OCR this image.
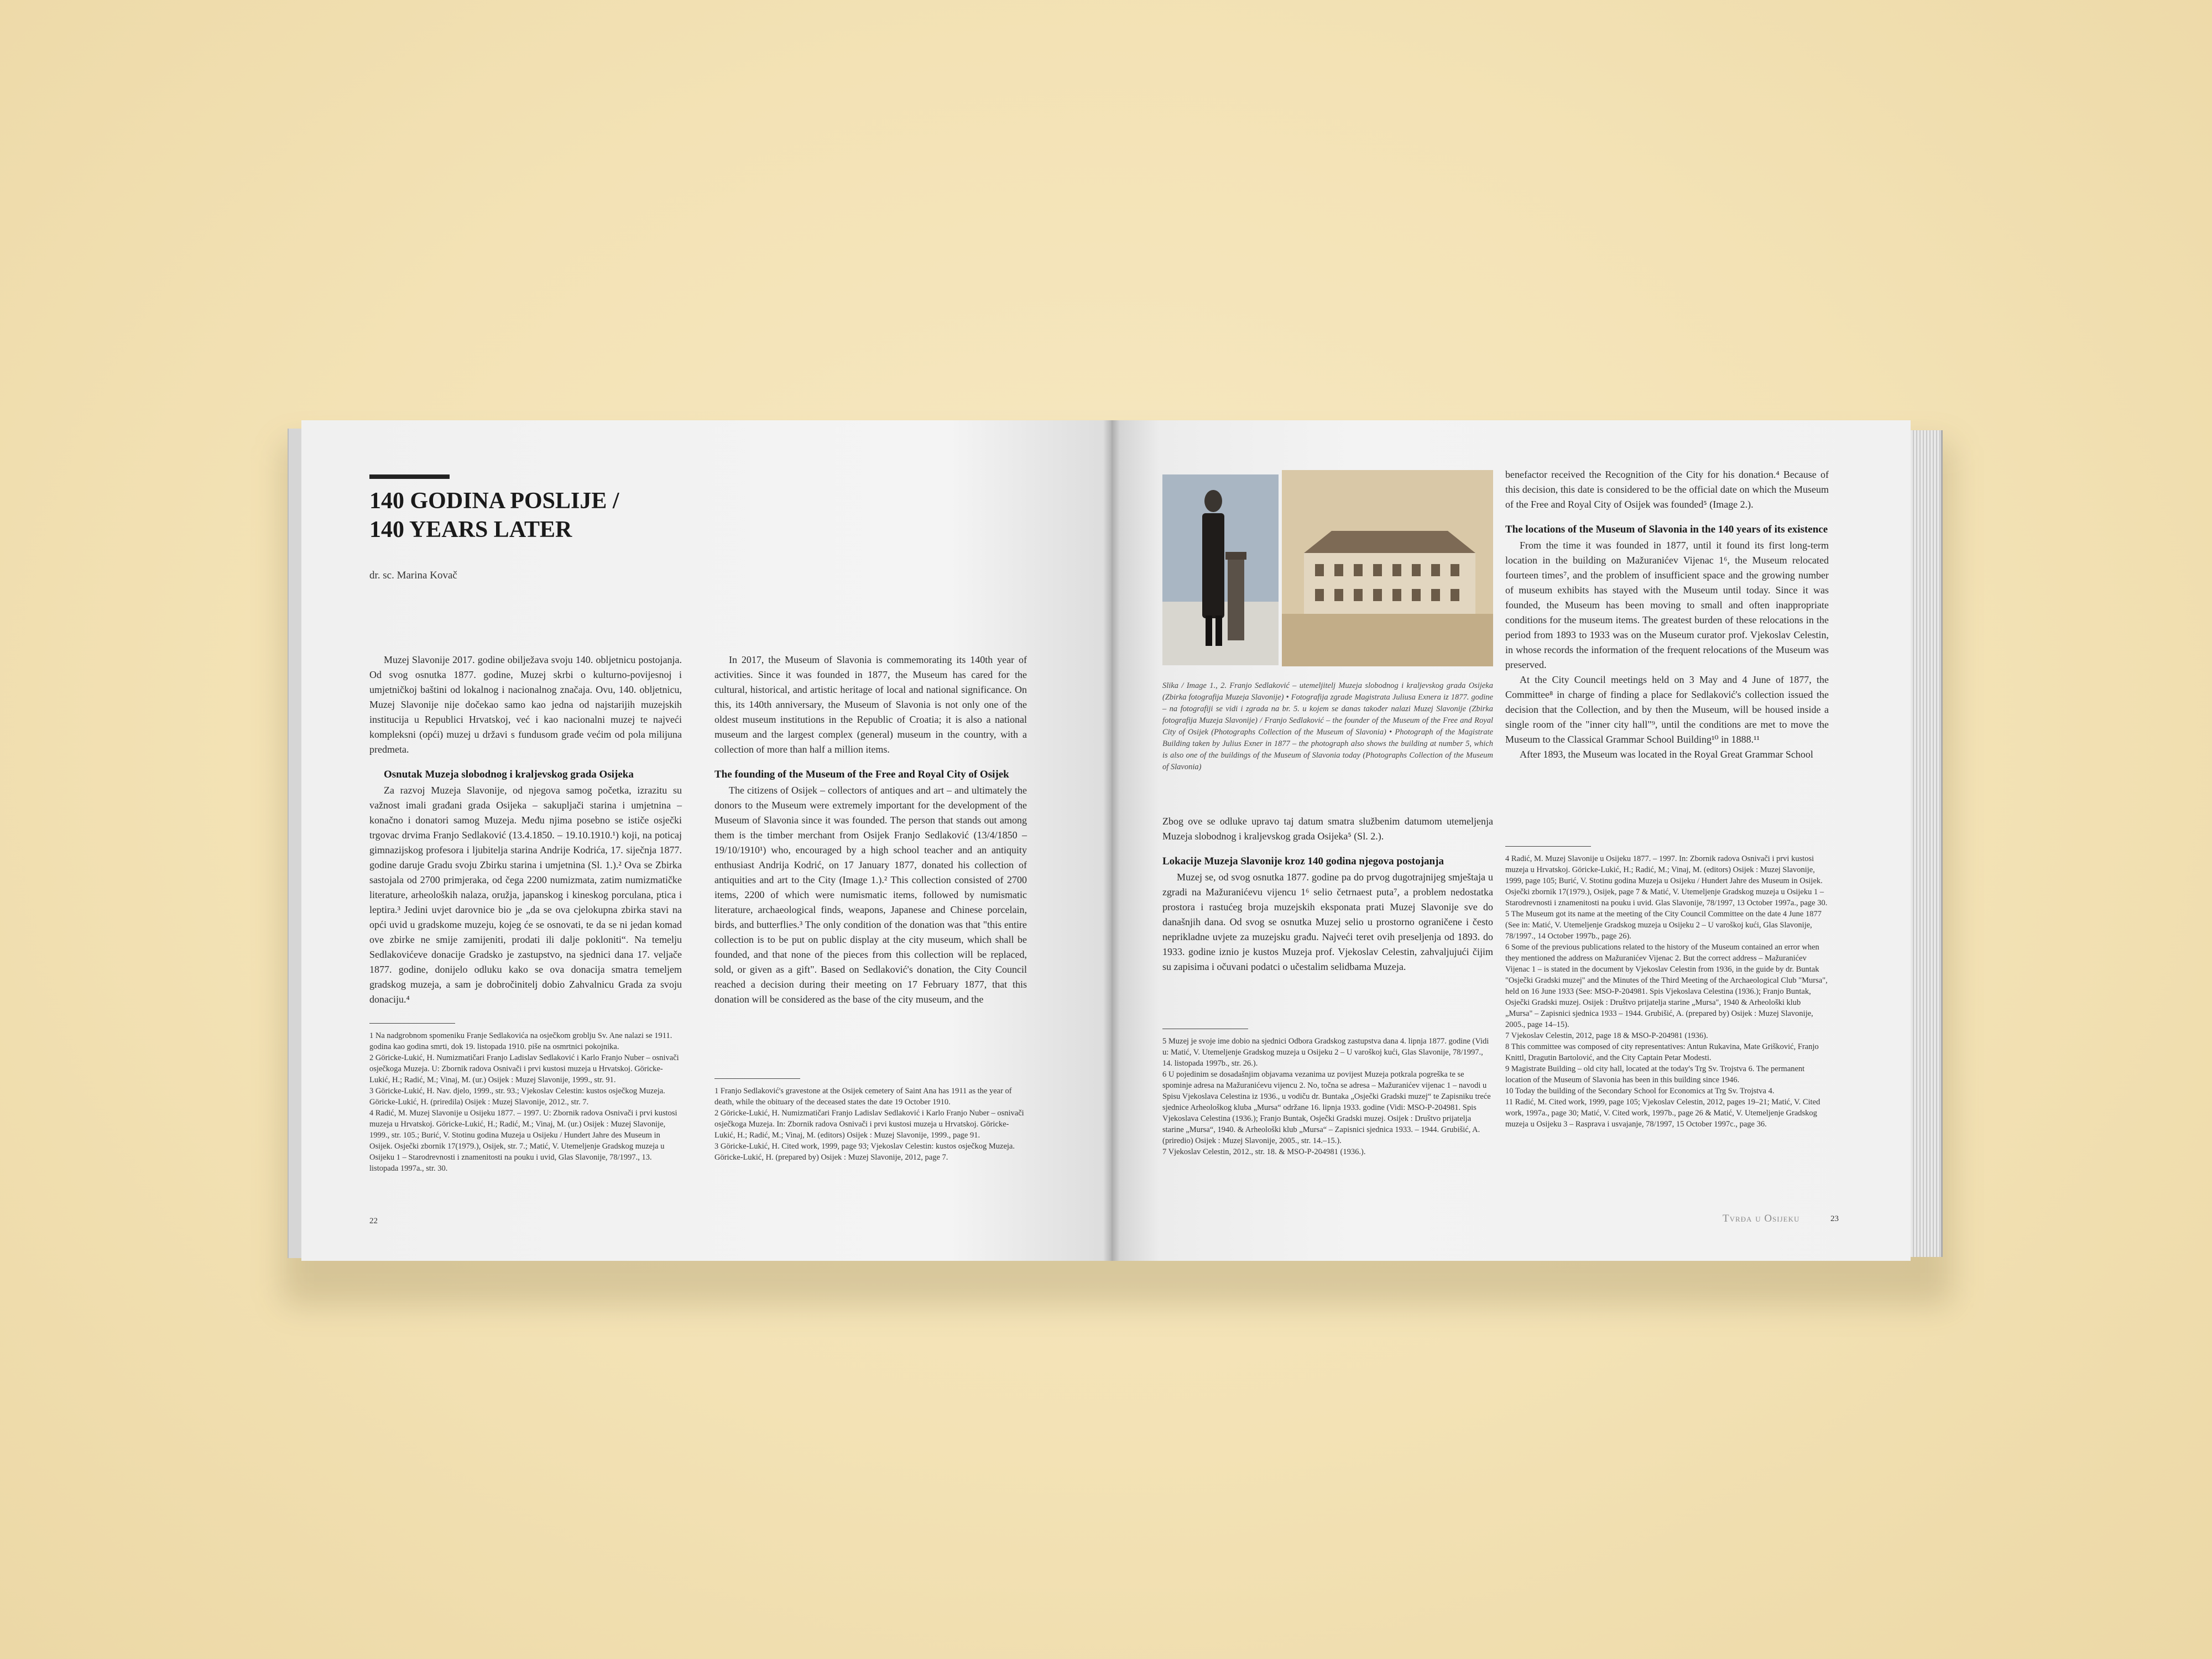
140 GODINA POSLIJE /
140 YEARS LATER
dr. sc. Marina Kovač

Muzej Slavonije 2017. godine obilježava svoju 140. obljetnicu postojanja. Od svog osnutka 1877. godine, Muzej skrbi o kulturno-povijesnoj i umjetničkoj baštini od lokalnog i nacionalnog značaja. Ovu, 140. obljetnicu, Muzej Slavonije nije dočekao samo kao jedna od najstarijih muzejskih institucija u Republici Hrvatskoj, već i kao nacionalni muzej te najveći kompleksni (opći) muzej u državi s fundusom građe većim od pola milijuna predmeta.

Osnutak Muzeja slobodnog i kraljevskog grada Osijeka

Za razvoj Muzeja Slavonije, od njegova samog početka, izrazitu su važnost imali građani grada Osijeka – sakupljači starina i umjetnina – konačno i donatori samog Muzeja. Među njima posebno se ističe osječki trgovac drvima Franjo Sedlaković (13.4.1850. – 19.10.1910.¹) koji, na poticaj gimnazijskog profesora i ljubitelja starina Andrije Kodrića, 17. siječnja 1877. godine daruje Gradu svoju Zbirku starina i umjetnina (Sl. 1.).² Ova se Zbirka sastojala od 2700 primjeraka, od čega 2200 numizmata, zatim numizmatičke literature, arheoloških nalaza, oružja, japanskog i kineskog porculana, ptica i leptira.³ Jedini uvjet darovnice bio je „da se ova cjelokupna zbirka stavi na opći uvid u gradskome muzeju, kojeg će se osnovati, te da se ni jedan komad ove zbirke ne smije zamijeniti, prodati ili dalje pokloniti“. Na temelju Sedlakovićeve donacije Gradsko je zastupstvo, na sjednici dana 17. veljače 1877. godine, donijelo odluku kako se ova donacija smatra temeljem gradskog muzeja, a sam je dobročinitelj dobio Zahvalnicu Grada za svoju donaciju.⁴

1 Na nadgrobnom spomeniku Franje Sedlakovića na osječkom groblju Sv. Ane nalazi se 1911. godina kao godina smrti, dok 19. listopada 1910. piše na osmrtnici pokojnika.
2 Göricke-Lukić, H. Numizmatičari Franjo Ladislav Sedlaković i Karlo Franjo Nuber – osnivači osječkoga Muzeja. U: Zbornik radova Osnivači i prvi kustosi muzeja u Hrvatskoj. Göricke-Lukić, H.; Radić, M.; Vinaj, M. (ur.) Osijek : Muzej Slavonije, 1999., str. 91.
3 Göricke-Lukić, H. Nav. djelo, 1999., str. 93.; Vjekoslav Celestin: kustos osječkog Muzeja. Göricke-Lukić, H. (priredila) Osijek : Muzej Slavonije, 2012., str. 7.
4 Radić, M. Muzej Slavonije u Osijeku 1877. – 1997. U: Zbornik radova Osnivači i prvi kustosi muzeja u Hrvatskoj. Göricke-Lukić, H.; Radić, M.; Vinaj, M. (ur.) Osijek : Muzej Slavonije, 1999., str. 105.; Burić, V. Stotinu godina Muzeja u Osijeku / Hundert Jahre des Museum in Osijek. Osječki zbornik 17(1979.), Osijek, str. 7.; Matić, V. Utemeljenje Gradskog muzeja u Osijeku 1 – Starodrevnosti i znamenitosti na pouku i uvid, Glas Slavonije, 78/1997., 13. listopada 1997a., str. 30.

In 2017, the Museum of Slavonia is commemorating its 140th year of activities. Since it was founded in 1877, the Museum has cared for the cultural, historical, and artistic heritage of local and national significance. On this, its 140th anniversary, the Museum of Slavonia is not only one of the oldest museum institutions in the Republic of Croatia; it is also a national museum and the largest complex (general) museum in the country, with a collection of more than half a million items.

The founding of the Museum of the Free and Royal City of Osijek

The citizens of Osijek – collectors of antiques and art – and ultimately the donors to the Museum were extremely important for the development of the Museum of Slavonia since it was founded. The person that stands out among them is the timber merchant from Osijek Franjo Sedlaković (13/4/1850 – 19/10/1910¹) who, encouraged by a high school teacher and an antiquity enthusiast Andrija Kodrić, on 17 January 1877, donated his collection of antiquities and art to the City (Image 1.).² This collection consisted of 2700 items, 2200 of which were numismatic items, followed by numismatic literature, archaeological finds, weapons, Japanese and Chinese porcelain, birds, and butterflies.³ The only condition of the donation was that "this entire collection is to be put on public display at the city museum, which shall be founded, and that none of the pieces from this collection will be replaced, sold, or given as a gift". Based on Sedlaković's donation, the City Council reached a decision during their meeting on 17 February 1877, that this donation will be considered as the base of the city museum, and the

1 Franjo Sedlaković's gravestone at the Osijek cemetery of Saint Ana has 1911 as the year of death, while the obituary of the deceased states the date 19 October 1910.
2 Göricke-Lukić, H. Numizmatičari Franjo Ladislav Sedlaković i Karlo Franjo Nuber – osnivači osječkoga Muzeja. In: Zbornik radova Osnivači i prvi kustosi muzeja u Hrvatskoj. Göricke-Lukić, H.; Radić, M.; Vinaj, M. (editors) Osijek : Muzej Slavonije, 1999., page 91.
3 Göricke-Lukić, H. Cited work, 1999, page 93; Vjekoslav Celestin: kustos osječkog Muzeja. Göricke-Lukić, H. (prepared by) Osijek : Muzej Slavonije, 2012, page 7.
22
Slika / Image 1., 2. Franjo Sedlaković – utemeljitelj Muzeja slobodnog i kraljevskog grada Osijeka (Zbirka fotografija Muzeja Slavonije) • Fotografija zgrade Magistrata Juliusa Exnera iz 1877. godine – na fotografiji se vidi i zgrada na br. 5. u kojem se danas također nalazi Muzej Slavonije (Zbirka fotografija Muzeja Slavonije) / Franjo Sedlaković – the founder of the Museum of the Free and Royal City of Osijek (Photographs Collection of the Museum of Slavonia) • Photograph of the Magistrate Building taken by Julius Exner in 1877 – the photograph also shows the building at number 5, which is also one of the buildings of the Museum of Slavonia today (Photographs Collection of the Museum of Slavonia)

Zbog ove se odluke upravo taj datum smatra službenim datumom utemeljenja Muzeja slobodnog i kraljevskog grada Osijeka⁵ (Sl. 2.).

Lokacije Muzeja Slavonije kroz 140 godina njegova postojanja

Muzej se, od svog osnutka 1877. godine pa do prvog dugotrajnijeg smještaja u zgradi na Mažuranićevu vijencu 1⁶ selio četrnaest puta⁷, a problem nedostatka prostora i rastućeg broja muzejskih eksponata prati Muzej Slavonije sve do današnjih dana. Od svog se osnutka Muzej selio u prostorno ograničene i često neprikladne uvjete za muzejsku građu. Najveći teret ovih preseljenja od 1893. do 1933. godine iznio je kustos Muzeja prof. Vjekoslav Celestin, zahvaljujući čijim su zapisima i očuvani podatci o učestalim selidbama Muzeja.

5 Muzej je svoje ime dobio na sjednici Odbora Gradskog zastupstva dana 4. lipnja 1877. godine (Vidi u: Matić, V. Utemeljenje Gradskog muzeja u Osijeku 2 – U varoškoj kući, Glas Slavonije, 78/1997., 14. listopada 1997b., str. 26.).
6 U pojedinim se dosadašnjim objavama vezanima uz povijest Muzeja potkrala pogreška te se spominje adresa na Mažuranićevu vijencu 2. No, točna se adresa – Mažuranićev vijenac 1 – navodi u Spisu Vjekoslava Celestina iz 1936., u vodiču dr. Buntaka „Osječki Gradski muzej“ te Zapisniku treće sjednice Arheološkog kluba „Mursa“ održane 16. lipnja 1933. godine (Vidi: MSO-P-204981. Spis Vjekoslava Celestina (1936.); Franjo Buntak, Osječki Gradski muzej. Osijek : Društvo prijatelja starine „Mursa“, 1940. & Arheološki klub „Mursa“ – Zapisnici sjednica 1933. – 1944. Grubišić, A. (priredio) Osijek : Muzej Slavonije, 2005., str. 14.–15.).
7 Vjekoslav Celestin, 2012., str. 18. & MSO-P-204981 (1936.).

benefactor received the Recognition of the City for his donation.⁴ Because of this decision, this date is considered to be the official date on which the Museum of the Free and Royal City of Osijek was founded⁵ (Image 2.).

The locations of the Museum of Slavonia in the 140 years of its existence

From the time it was founded in 1877, until it found its first long-term location in the building on Mažuranićev Vijenac 1⁶, the Museum relocated fourteen times⁷, and the problem of insufficient space and the growing number of museum exhibits has stayed with the Museum until today. Since it was founded, the Museum has been moving to small and often inappropriate conditions for the museum items. The greatest burden of these relocations in the period from 1893 to 1933 was on the Museum curator prof. Vjekoslav Celestin, in whose records the information of the frequent relocations of the Museum was preserved.

At the City Council meetings held on 3 May and 4 June of 1877, the Committee⁸ in charge of finding a place for Sedlaković's collection issued the decision that the Collection, and by then the Museum, will be housed inside a single room of the "inner city hall"⁹, until the conditions are met to move the Museum to the Classical Grammar School Building¹⁰ in 1888.¹¹

After 1893, the Museum was located in the Royal Great Grammar School

4 Radić, M. Muzej Slavonije u Osijeku 1877. – 1997. In: Zbornik radova Osnivači i prvi kustosi muzeja u Hrvatskoj. Göricke-Lukić, H.; Radić, M.; Vinaj, M. (editors) Osijek : Muzej Slavonije, 1999, page 105; Burić, V. Stotinu godina Muzeja u Osijeku / Hundert Jahre des Museum in Osijek. Osječki zbornik 17(1979.), Osijek, page 7 & Matić, V. Utemeljenje Gradskog muzeja u Osijeku 1 – Starodrevnosti i znamenitosti na pouku i uvid. Glas Slavonije, 78/1997, 13 October 1997a., page 30.
5 The Museum got its name at the meeting of the City Council Committee on the date 4 June 1877 (See in: Matić, V. Utemeljenje Gradskog muzeja u Osijeku 2 – U varoškoj kući, Glas Slavonije, 78/1997., 14 October 1997b., page 26).
6 Some of the previous publications related to the history of the Museum contained an error when they mentioned the address on Mažuranićev Vijenac 2. But the correct address – Mažuranićev Vijenac 1 – is stated in the document by Vjekoslav Celestin from 1936, in the guide by dr. Buntak "Osječki Gradski muzej" and the Minutes of the Third Meeting of the Archaeological Club "Mursa", held on 16 June 1933 (See: MSO-P-204981. Spis Vjekoslava Celestina (1936.); Franjo Buntak, Osječki Gradski muzej. Osijek : Društvo prijatelja starine „Mursa", 1940 & Arheološki klub „Mursa" – Zapisnici sjednica 1933 – 1944. Grubišić, A. (prepared by) Osijek : Muzej Slavonije, 2005., page 14–15).
7 Vjekoslav Celestin, 2012, page 18 & MSO-P-204981 (1936).
8 This committee was composed of city representatives: Antun Rukavina, Mate Grišković, Franjo Knittl, Dragutin Bartolović, and the City Captain Petar Modesti.
9 Magistrate Building – old city hall, located at the today's Trg Sv. Trojstva 6. The permanent location of the Museum of Slavonia has been in this building since 1946.
10 Today the building of the Secondary School for Economics at Trg Sv. Trojstva 4.
11 Radić, M. Cited work, 1999, page 105; Vjekoslav Celestin, 2012, pages 19–21; Matić, V. Cited work, 1997a., page 30; Matić, V. Cited work, 1997b., page 26 & Matić, V. Utemeljenje Gradskog muzeja u Osijeku 3 – Rasprava i usvajanje, 78/1997, 15 October 1997c., page 36.
Tvrđa u Osijeku	23
